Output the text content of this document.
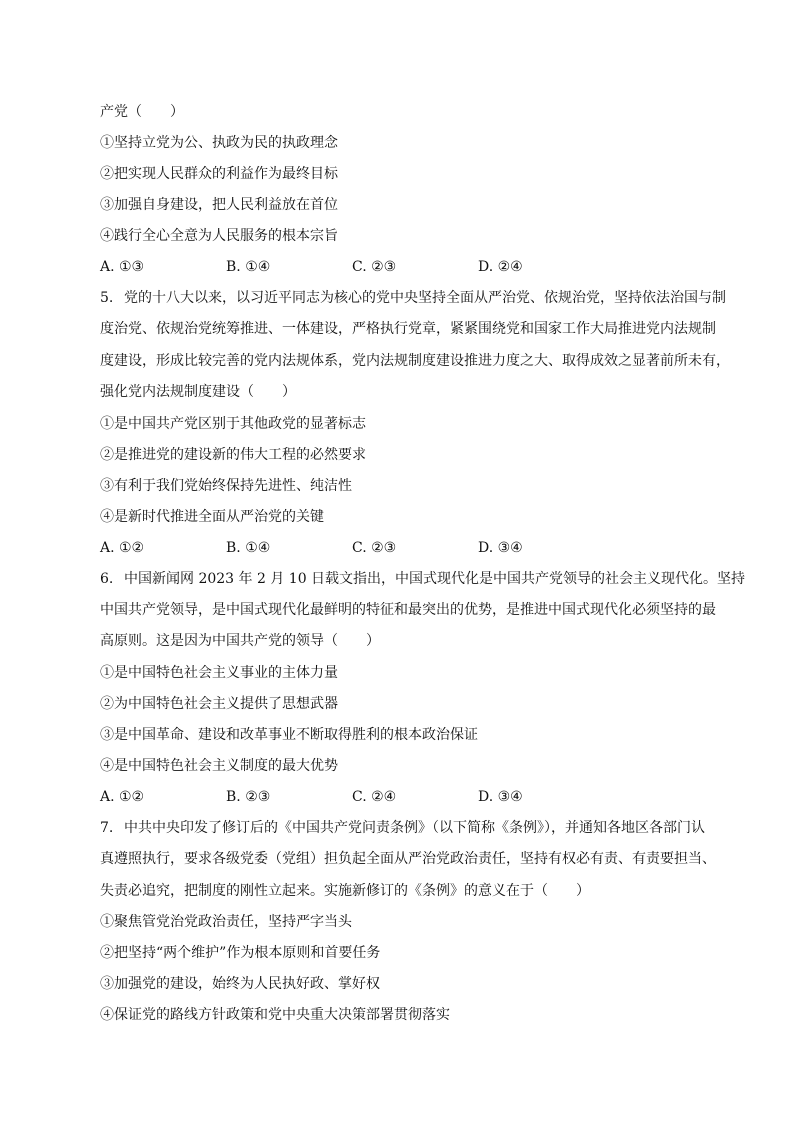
产党（　　）
①坚持立党为公、执政为民的执政理念
②把实现人民群众的利益作为最终目标
③加强自身建设，把人民利益放在首位
④践行全心全意为人民服务的根本宗旨
A. ①③	B. ①④	C. ②③	D. ②④
5. 党的十八大以来，以习近平同志为核心的党中央坚持全面从严治党、依规治党，坚持依法治国与制
度治党、依规治党统筹推进、一体建设，严格执行党章，紧紧围绕党和国家工作大局推进党内法规制
度建设，形成比较完善的党内法规体系，党内法规制度建设推进力度之大、取得成效之显著前所未有，
强化党内法规制度建设（　　）
①是中国共产党区别于其他政党的显著标志
②是推进党的建设新的伟大工程的必然要求
③有利于我们党始终保持先进性、纯洁性
④是新时代推进全面从严治党的关键
A. ①②	B. ①④	C. ②③	D. ③④
6. 中国新闻网 2023 年 2 月 10 日载文指出，中国式现代化是中国共产党领导的社会主义现代化。坚持
中国共产党领导，是中国式现代化最鲜明的特征和最突出的优势，是推进中国式现代化必须坚持的最
高原则。这是因为中国共产党的领导（　　）
①是中国特色社会主义事业的主体力量
②为中国特色社会主义提供了思想武器
③是中国革命、建设和改革事业不断取得胜利的根本政治保证
④是中国特色社会主义制度的最大优势
A. ①②	B. ②③	C. ②④	D. ③④
7. 中共中央印发了修订后的《中国共产党问责条例》（以下简称《条例》），并通知各地区各部门认
真遵照执行，要求各级党委（党组）担负起全面从严治党政治责任，坚持有权必有责、有责要担当、
失责必追究，把制度的刚性立起来。实施新修订的《条例》的意义在于（　　）
①聚焦管党治党政治责任，坚持严字当头
②把坚持“两个维护”作为根本原则和首要任务
③加强党的建设，始终为人民执好政、掌好权
④保证党的路线方针政策和党中央重大决策部署贯彻落实
